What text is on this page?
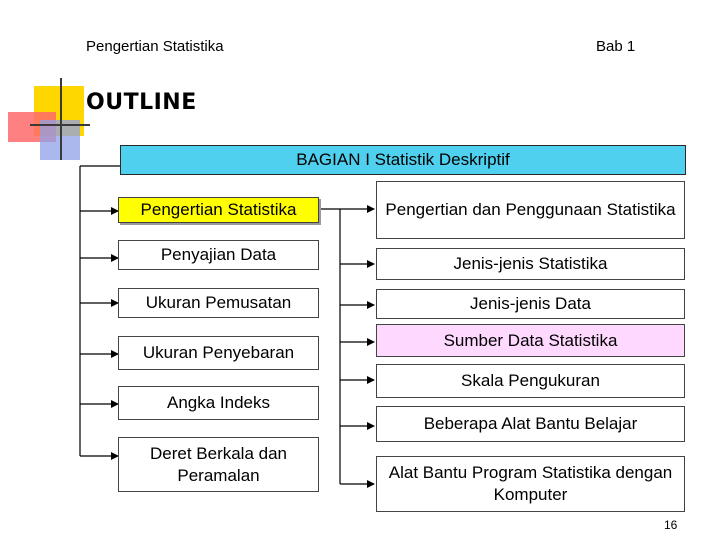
Pengertian Statistika	Bab 1
OUTLINE
BAGIAN I Statistik Deskriptif
Pengertian Statistika
Penyajian Data
Ukuran Pemusatan
Ukuran Penyebaran
Angka Indeks
Deret Berkala dan Peramalan
Pengertian dan Penggunaan Statistika
Jenis-jenis Statistika
Jenis-jenis Data
Sumber Data Statistika
Skala Pengukuran
Beberapa Alat Bantu Belajar
Alat Bantu Program Statistika dengan Komputer
16
